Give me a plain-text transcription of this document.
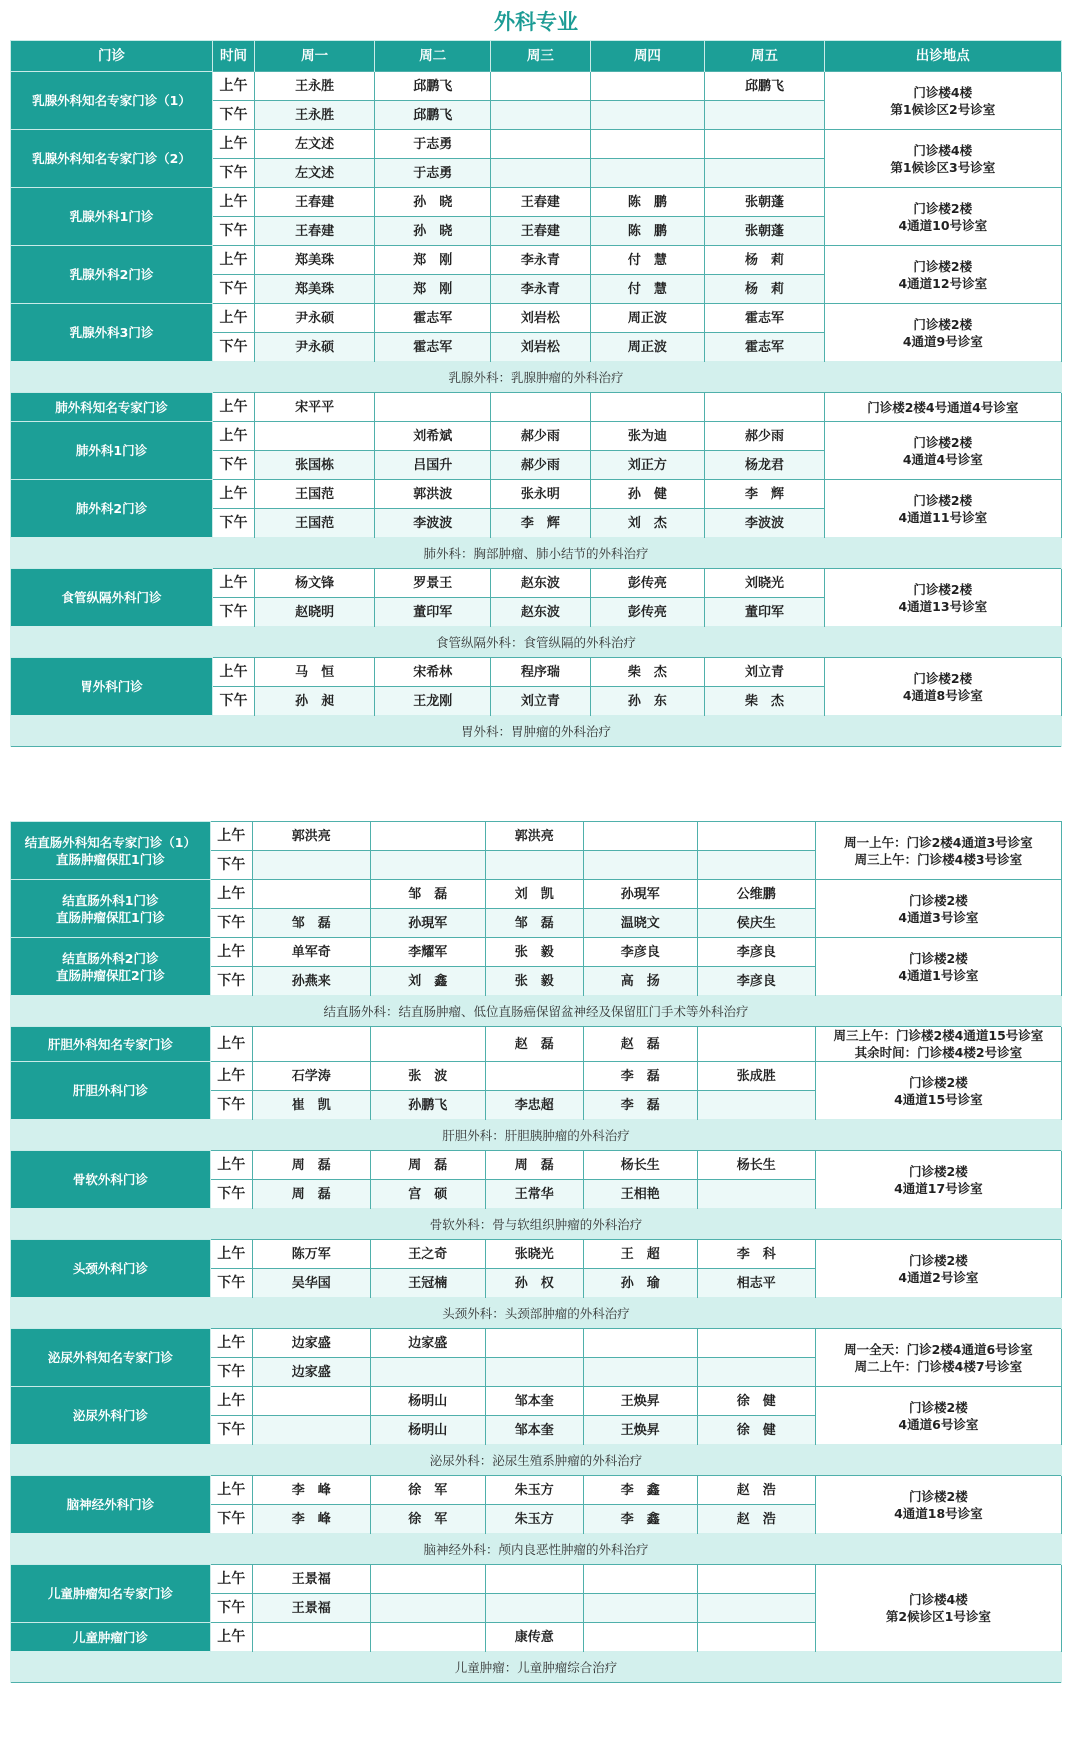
外科专业
门诊	时间	周一	周二	周三	周四	周五	出诊地点
乳腺外科知名专家门诊（1）	上午	王永胜	邱鹏飞			邱鹏飞	门诊楼4楼
第1候诊区2号诊室
	下午	王永胜	邱鹏飞				
乳腺外科知名专家门诊（2）	上午	左文述	于志勇				门诊楼4楼
第1候诊区3号诊室
	下午	左文述	于志勇				
乳腺外科1门诊	上午	王春建	孙　晓	王春建	陈　鹏	张朝蓬	门诊楼2楼
4通道10号诊室
	下午	王春建	孙　晓	王春建	陈　鹏	张朝蓬	
乳腺外科2门诊	上午	郑美珠	郑　刚	李永青	付　慧	杨　莉	门诊楼2楼
4通道12号诊室
	下午	郑美珠	郑　刚	李永青	付　慧	杨　莉	
乳腺外科3门诊	上午	尹永硕	霍志军	刘岩松	周正波	霍志军	门诊楼2楼
4通道9号诊室
	下午	尹永硕	霍志军	刘岩松	周正波	霍志军	
乳腺外科：乳腺肿瘤的外科治疗							
肺外科知名专家门诊	上午	宋平平					门诊楼2楼4号通道4号诊室
肺外科1门诊	上午		刘希斌	郝少雨	张为迪	郝少雨	门诊楼2楼
4通道4号诊室
	下午	张国栋	吕国升	郝少雨	刘正方	杨龙君	
肺外科2门诊	上午	王国范	郭洪波	张永明	孙　健	李　辉	门诊楼2楼
4通道11号诊室
	下午	王国范	李波波	李　辉	刘　杰	李波波	
肺外科：胸部肿瘤、肺小结节的外科治疗							
食管纵隔外科门诊	上午	杨文锋	罗景王	赵东波	彭传亮	刘晓光	门诊楼2楼
4通道13号诊室
	下午	赵晓明	董印军	赵东波	彭传亮	董印军	
食管纵隔外科：食管纵隔的外科治疗							
胃外科门诊	上午	马　恒	宋希林	程序瑞	柴　杰	刘立青	门诊楼2楼
4通道8号诊室
	下午	孙　昶	王龙刚	刘立青	孙　东	柴　杰	
胃外科：胃肿瘤的外科治疗							
结直肠外科知名专家门诊（1）
直肠肿瘤保肛1门诊	上午	郭洪亮		郭洪亮			周一上午：门诊2楼4通道3号诊室
周三上午：门诊楼4楼3号诊室
	下午						
结直肠外科1门诊
直肠肿瘤保肛1门诊	上午		邹　磊	刘　凯	孙現军	公维鹏	门诊楼2楼
4通道3号诊室
	下午	邹　磊	孙現军	邹　磊	温晓文	侯庆生	
结直肠外科2门诊
直肠肿瘤保肛2门诊	上午	单军奇	李耀军	张　毅	李彦良	李彦良	门诊楼2楼
4通道1号诊室
	下午	孙燕来	刘　鑫	张　毅	高　扬	李彦良	
结直肠外科：结直肠肿瘤、低位直肠癌保留盆神经及保留肛门手术等外科治疗							
肝胆外科知名专家门诊	上午			赵　磊	赵　磊		周三上午：门诊楼2楼4通道15号诊室
其余时间：门诊楼4楼2号诊室
肝胆外科门诊	上午	石学涛	张　波		李　磊	张成胜	门诊楼2楼
4通道15号诊室
	下午	崔　凯	孙鹏飞	李忠超	李　磊		
肝胆外科：肝胆胰肿瘤的外科治疗							
骨软外科门诊	上午	周　磊	周　磊	周　磊	杨长生	杨长生	门诊楼2楼
4通道17号诊室
	下午	周　磊	宫　硕	王常华	王相艳		
骨软外科：骨与软组织肿瘤的外科治疗							
头颈外科门诊	上午	陈万军	王之奇	张晓光	王　超	李　科	门诊楼2楼
4通道2号诊室
	下午	吴华国	王冠楠	孙　权	孙　瑜	相志平	
头颈外科：头颈部肿瘤的外科治疗							
泌尿外科知名专家门诊	上午	边家盛	边家盛				周一全天：门诊2楼4通道6号诊室
周二上午：门诊楼4楼7号诊室
	下午	边家盛					
泌尿外科门诊	上午		杨明山	邹本奎	王焕昇	徐　健	门诊楼2楼
4通道6号诊室
	下午		杨明山	邹本奎	王焕昇	徐　健	
泌尿外科：泌尿生殖系肿瘤的外科治疗							
脑神经外科门诊	上午	李　峰	徐　军	朱玉方	李　鑫	赵　浩	门诊楼2楼
4通道18号诊室
	下午	李　峰	徐　军	朱玉方	李　鑫	赵　浩	
脑神经外科：颅内良恶性肿瘤的外科治疗							
儿童肿瘤知名专家门诊	上午	王景福					门诊楼4楼
第2候诊区1号诊室
	下午	王景福					
儿童肿瘤门诊	上午			康传意			
儿童肿瘤：儿童肿瘤综合治疗							
